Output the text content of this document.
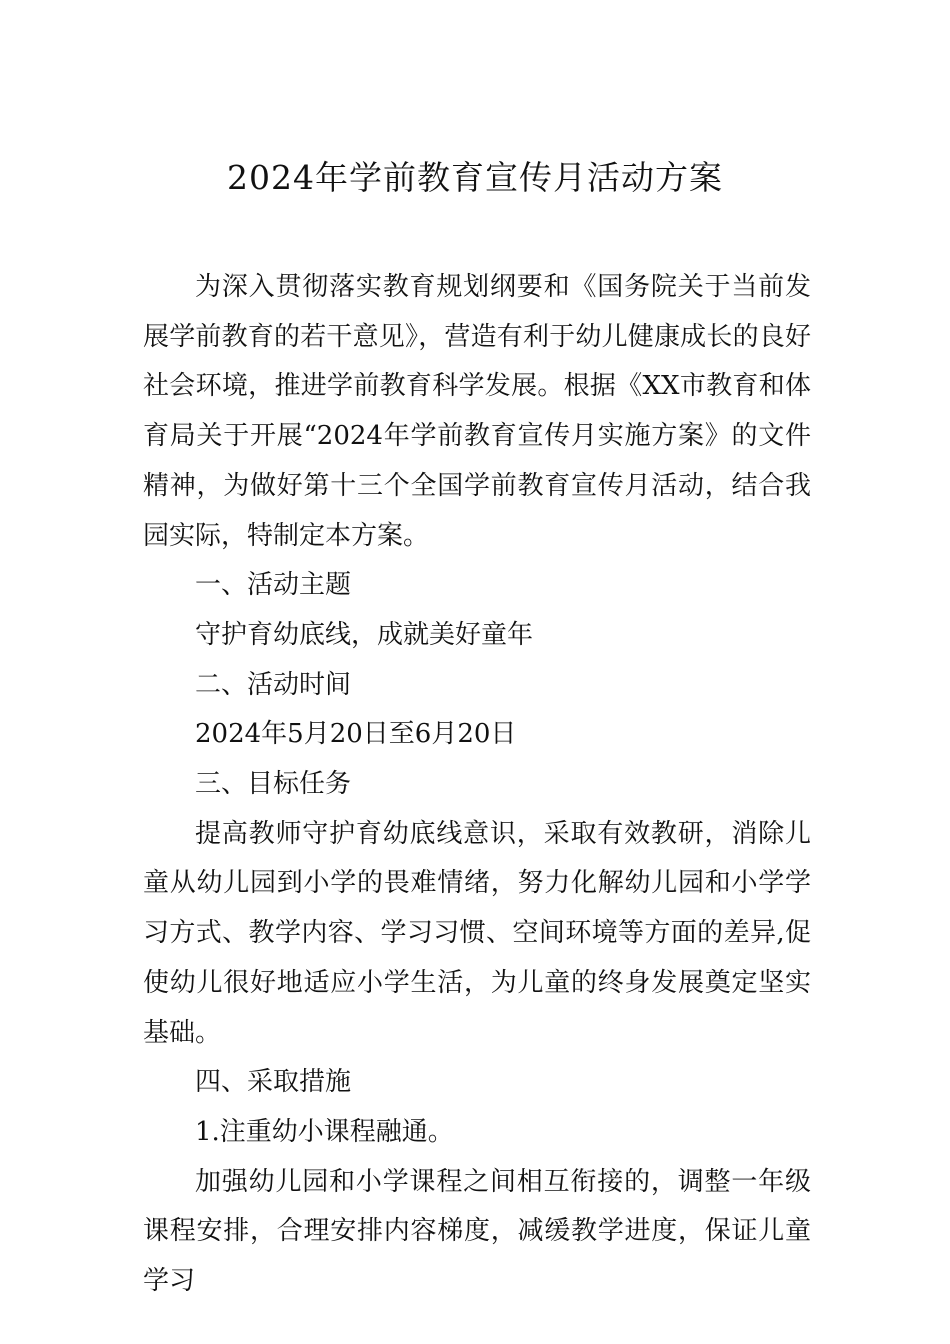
2024年学前教育宣传月活动方案

为深入贯彻落实教育规划纲要和《国务院关于当前发展学前教育的若干意见》，营造有利于幼儿健康成长的良好社会环境，推进学前教育科学发展。根据《XX市教育和体育局关于开展“2024年学前教育宣传月实施方案》的文件精神，为做好第十三个全国学前教育宣传月活动，结合我园实际，特制定本方案。

一、活动主题

守护育幼底线，成就美好童年

二、活动时间

2024年5月20日至6月20日

三、目标任务

提高教师守护育幼底线意识，采取有效教研，消除儿童从幼儿园到小学的畏难情绪，努力化解幼儿园和小学学习方式、教学内容、学习习惯、空间环境等方面的差异,促使幼儿很好地适应小学生活，为儿童的终身发展奠定坚实基础。

四、采取措施

1.注重幼小课程融通。

加强幼儿园和小学课程之间相互衔接的，调整一年级课程安排，合理安排内容梯度，减缓教学进度，保证儿童学习
